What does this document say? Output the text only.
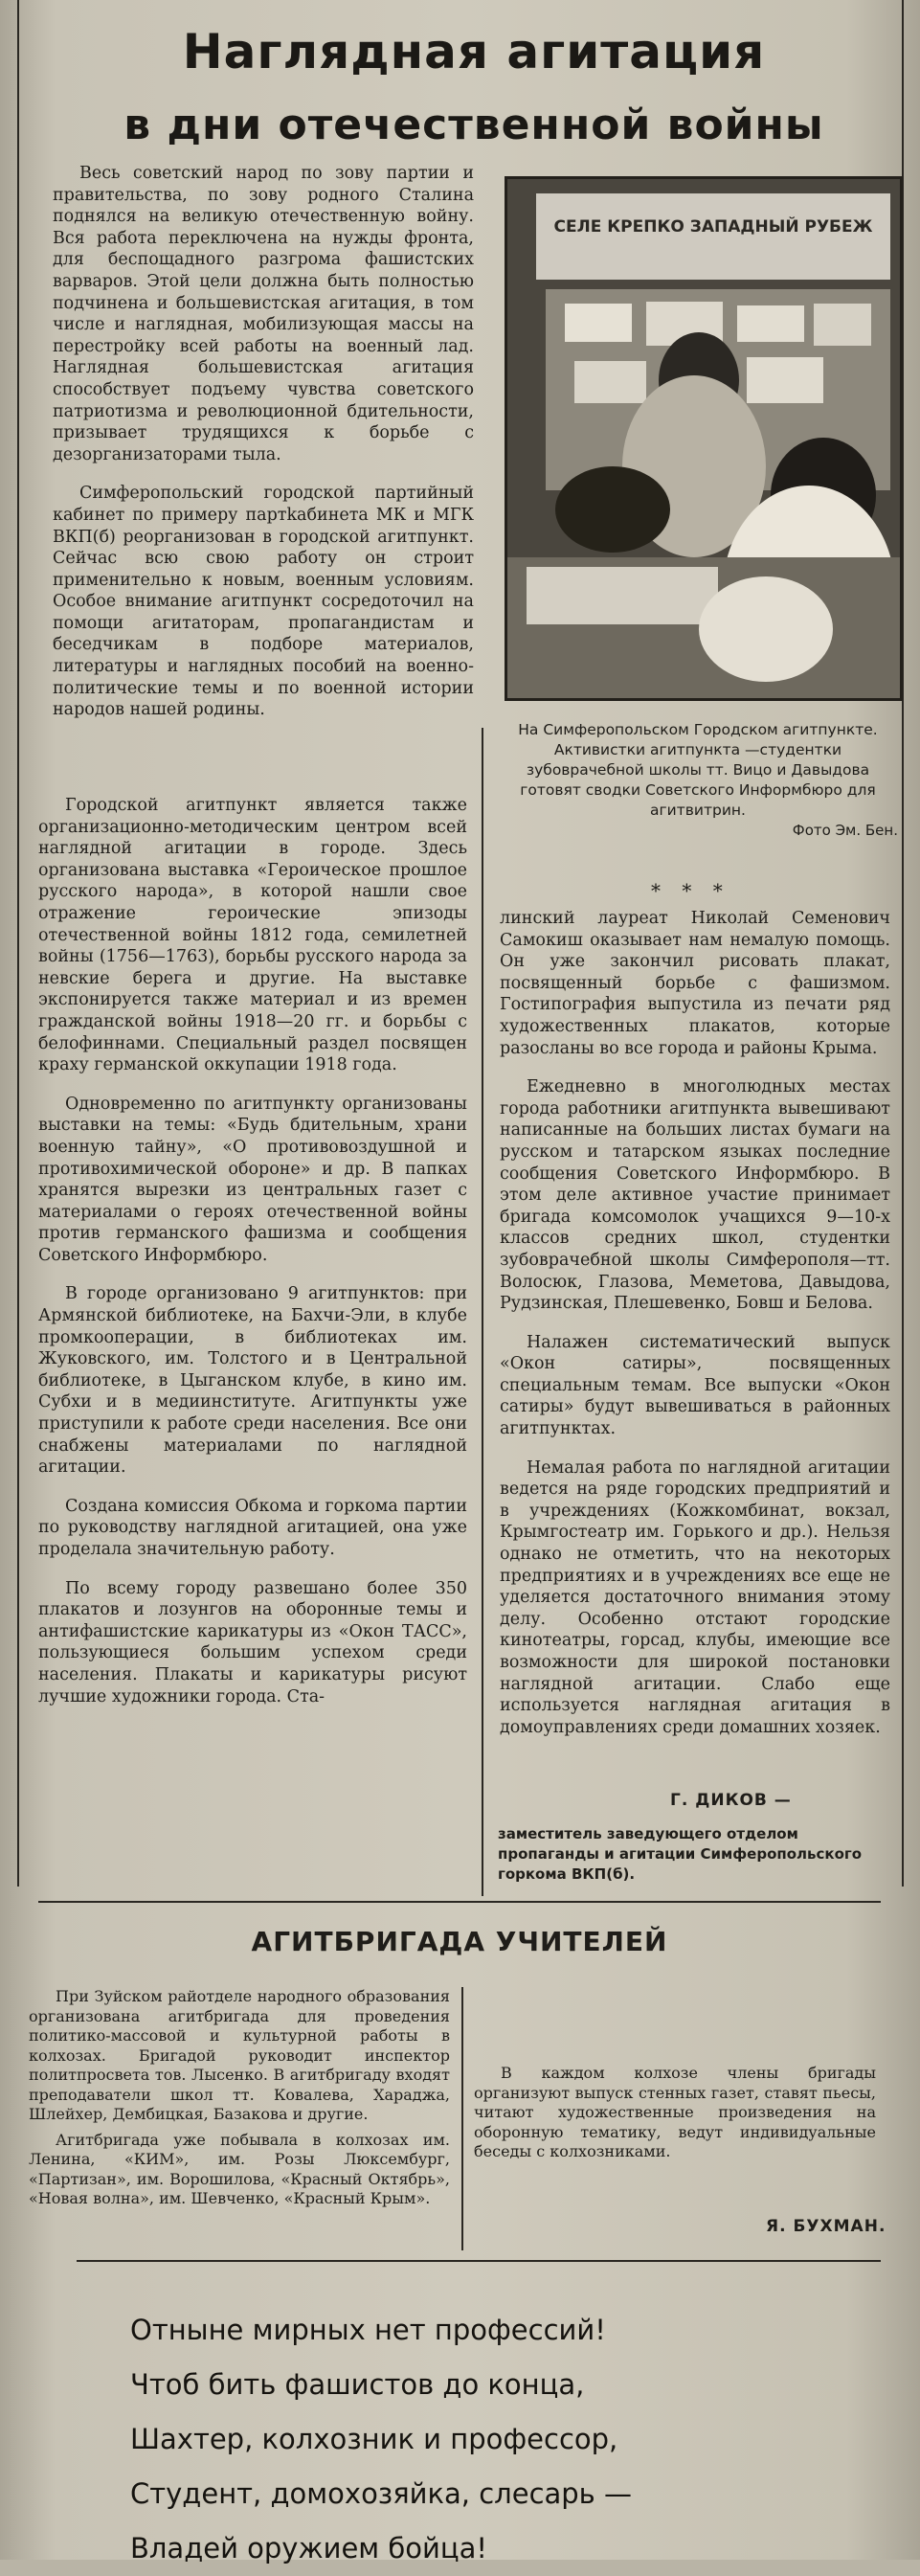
Наглядная агитация
в дни отечественной войны

Весь советский народ по зову партии и правительства, по зову родного Сталина поднялся на великую отечественную войну. Вся работа переключена на нужды фронта, для беспощадного разгрома фашистских варваров. Этой цели должна быть полностью подчинена и большевистская агитация, в том числе и наглядная, мобилизующая массы на перестройку всей работы на военный лад. Наглядная большевистская агитация способствует подъему чувства советского патриотизма и революционной бдительности, призывает трудящихся к борьбе с дезорганизаторами тыла.

Симферопольский городской партийный кабинет по примеру партkабинета МК и МГК ВКП(б) реорганизован в городской агитпункт. Сейчас всю свою работу он строит применительно к новым, военным условиям. Особое внимание агитпункт сосредоточил на помощи агитаторам, пропагандистам и беседчикам в подборе материалов, литературы и наглядных пособий на военно-политические темы и по военной истории народов нашей родины.

СЕЛЕ КРЕПКО ЗАПАДНЫЙ РУБЕЖ
На Симферопольском Городском агитпункте. Активистки агитпункта —студентки зубоврачебной школы тт. Вицо и Давыдова готовят сводки Советского Информбюро для агитвитрин.
Фото Эм. Бен.

Городской агитпункт является также организационно-методическим центром всей наглядной агитации в городе. Здесь организована выставка «Героическое прошлое русского народа», в которой нашли свое отражение героические эпизоды отечественной войны 1812 года, семилетней войны (1756—1763), борьбы русского народа за невские берега и другие. На выставке экспонируется также материал и из времен гражданской войны 1918—20 гг. и борьбы с белофиннами. Специальный раздел посвящен краху германской оккупации 1918 года.

Одновременно по агитпункту организованы выставки на темы: «Будь бдительным, храни военную тайну», «О противовоздушной и противохимической обороне» и др. В папках хранятся вырезки из центральных газет с материалами о героях отечественной войны против германского фашизма и сообщения Советского Информбюро.

В городе организовано 9 агитпунктов: при Армянской библиотеке, на Бахчи-Эли, в клубе промкооперации, в библиотеках им. Жуковского, им. Толстого и в Центральной библиотеке, в Цыганском клубе, в кино им. Субхи и в медиинституте. Агитпункты уже приступили к работе среди населения. Все они снабжены материалами по наглядной агитации.

Создана комиссия Обкома и горкома партии по руководству наглядной агитацией, она уже проделала значительную работу.

По всему городу развешано более 350 плакатов и лозунгов на оборонные темы и антифашистские карикатуры из «Окон ТАСС», пользующиеся большим успехом среди населения. Плакаты и карикатуры рисуют лучшие художники города. Ста-

* * *

линский лауреат Николай Семенович Самокиш оказывает нам немалую помощь. Он уже закончил рисовать плакат, посвященный борьбе с фашизмом. Гостипография выпустила из печати ряд художественных плакатов, которые разосланы во все города и районы Крыма.

Ежедневно в многолюдных местах города работники агитпункта вывешивают написанные на больших листах бумаги на русском и татарском языках последние сообщения Советского Информбюро. В этом деле активное участие принимает бригада комсомолок учащихся 9—10-х классов средних школ, студентки зубоврачебной школы Симферополя—тт. Волосюк, Глазова, Меметова, Давыдова, Рудзинская, Плешевенко, Бовш и Белова.

Налажен систематический выпуск «Окон сатиры», посвященных специальным темам. Все выпуски «Окон сатиры» будут вывешиваться в районных агитпунктах.

Немалая работа по наглядной агитации ведется на ряде городских предприятий и в учреждениях (Кожкомбинат, вокзал, Крымгостеатр им. Горького и др.). Нельзя однако не отметить, что на некоторых предприятиях и в учреждениях все еще не уделяется достаточного внимания этому делу. Особенно отстают городские кинотеатры, горсад, клубы, имеющие все возможности для широкой постановки наглядной агитации. Слабо еще используется наглядная агитация в домоуправлениях среди домашних хозяек.

Г. ДИКОВ —
заместитель заведующего отделом пропаганды и агитации Симферопольского горкома ВКП(б).
АГИТБРИГАДА УЧИТЕЛЕЙ

При Зуйском райотделе народного образования организована агитбригада для проведения политико-массовой и культурной работы в колхозах. Бригадой руководит инспектор политпросвета тов. Лысенко. В агитбригаду входят преподаватели школ тт. Ковалева, Хараджа, Шлейхер, Дембицкая, Базакова и другие.

Агитбригада уже побывала в колхозах им. Ленина, «КИМ», им. Розы Люксембург, «Партизан», им. Ворошилова, «Красный Октябрь», «Новая волна», им. Шевченко, «Красный Крым».

В каждом колхозе члены бригады организуют выпуск стенных газет, ставят пьесы, читают художественные произведения на оборонную тематику, ведут индивидуальные беседы с колхозниками.

Я. БУХМАН.
Отныне мирных нет профессий!
Чтоб бить фашистов до конца,
Шахтер, колхозник и профессор,
Студент, домохозяйка, слесарь —
Владей оружием бойца!
